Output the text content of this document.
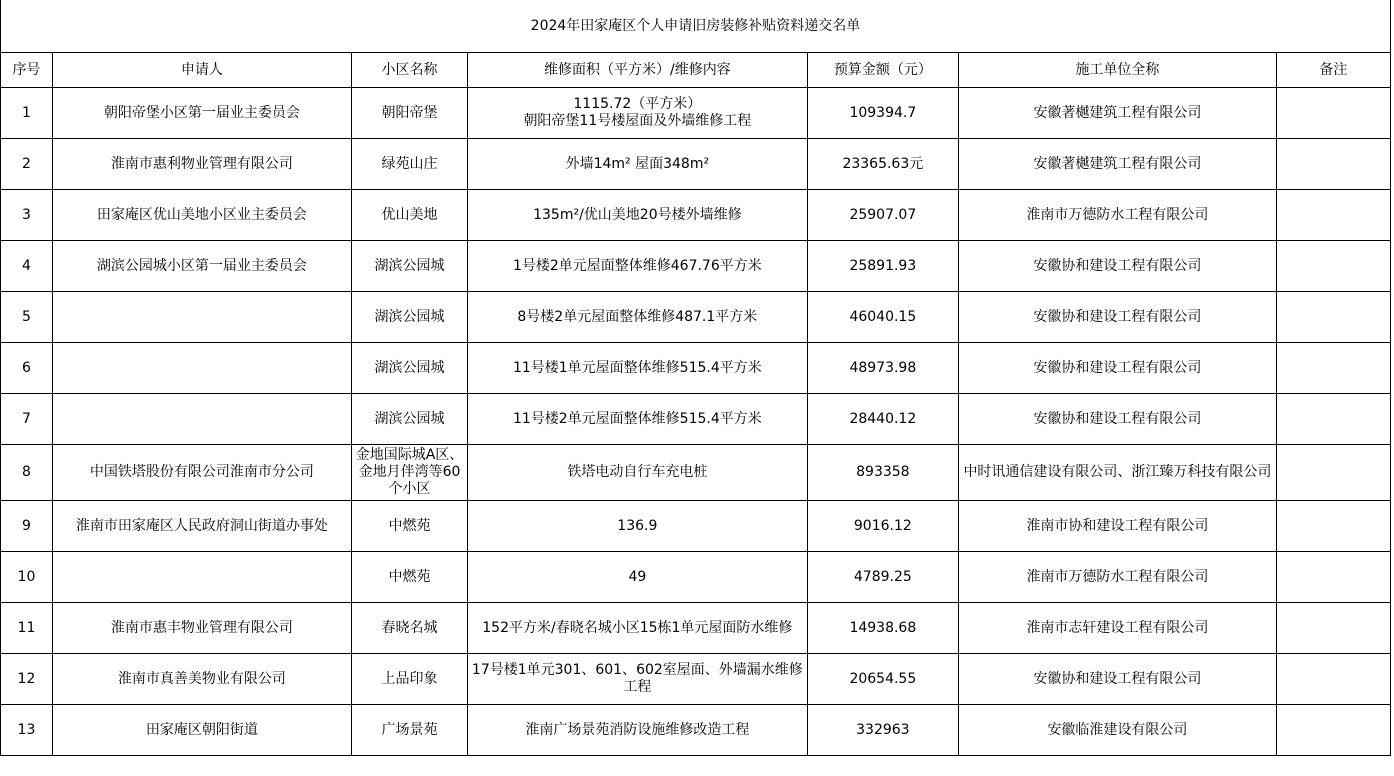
2024年田家庵区个人申请旧房装修补贴资料递交名单
序号	申请人	小区名称	维修面积（平方米）/维修内容	预算金额（元）	施工单位全称	备注
1	朝阳帝堡小区第一届业主委员会	朝阳帝堡	1115.72（平方米）
朝阳帝堡11号楼屋面及外墙维修工程	109394.7	安徽著樾建筑工程有限公司	
2	淮南市惠利物业管理有限公司	绿苑山庄	外墙14m² 屋面348m²	23365.63元	安徽著樾建筑工程有限公司	
3	田家庵区优山美地小区业主委员会	优山美地	135m²/优山美地20号楼外墙维修	25907.07	淮南市万德防水工程有限公司	
4	湖滨公园城小区第一届业主委员会	湖滨公园城	1号楼2单元屋面整体维修467.76平方米	25891.93	安徽协和建设工程有限公司	
5		湖滨公园城	8号楼2单元屋面整体维修487.1平方米	46040.15	安徽协和建设工程有限公司	
6		湖滨公园城	11号楼1单元屋面整体维修515.4平方米	48973.98	安徽协和建设工程有限公司	
7		湖滨公园城	11号楼2单元屋面整体维修515.4平方米	28440.12	安徽协和建设工程有限公司	
8	中国铁塔股份有限公司淮南市分公司	金地国际城A区、金地月伴湾等60个小区	铁塔电动自行车充电桩	893358	中时讯通信建设有限公司、浙江臻万科技有限公司	
9	淮南市田家庵区人民政府洞山街道办事处	中燃苑	136.9	9016.12	淮南市协和建设工程有限公司	
10		中燃苑	49	4789.25	淮南市万德防水工程有限公司	
11	淮南市惠丰物业管理有限公司	春晓名城	152平方米/春晓名城小区15栋1单元屋面防水维修	14938.68	淮南市志轩建设工程有限公司	
12	淮南市真善美物业有限公司	上品印象	17号楼1单元301、601、602室屋面、外墙漏水维修工程	20654.55	安徽协和建设工程有限公司	
13	田家庵区朝阳街道	广场景苑	淮南广场景苑消防设施维修改造工程	332963	安徽临淮建设有限公司	
